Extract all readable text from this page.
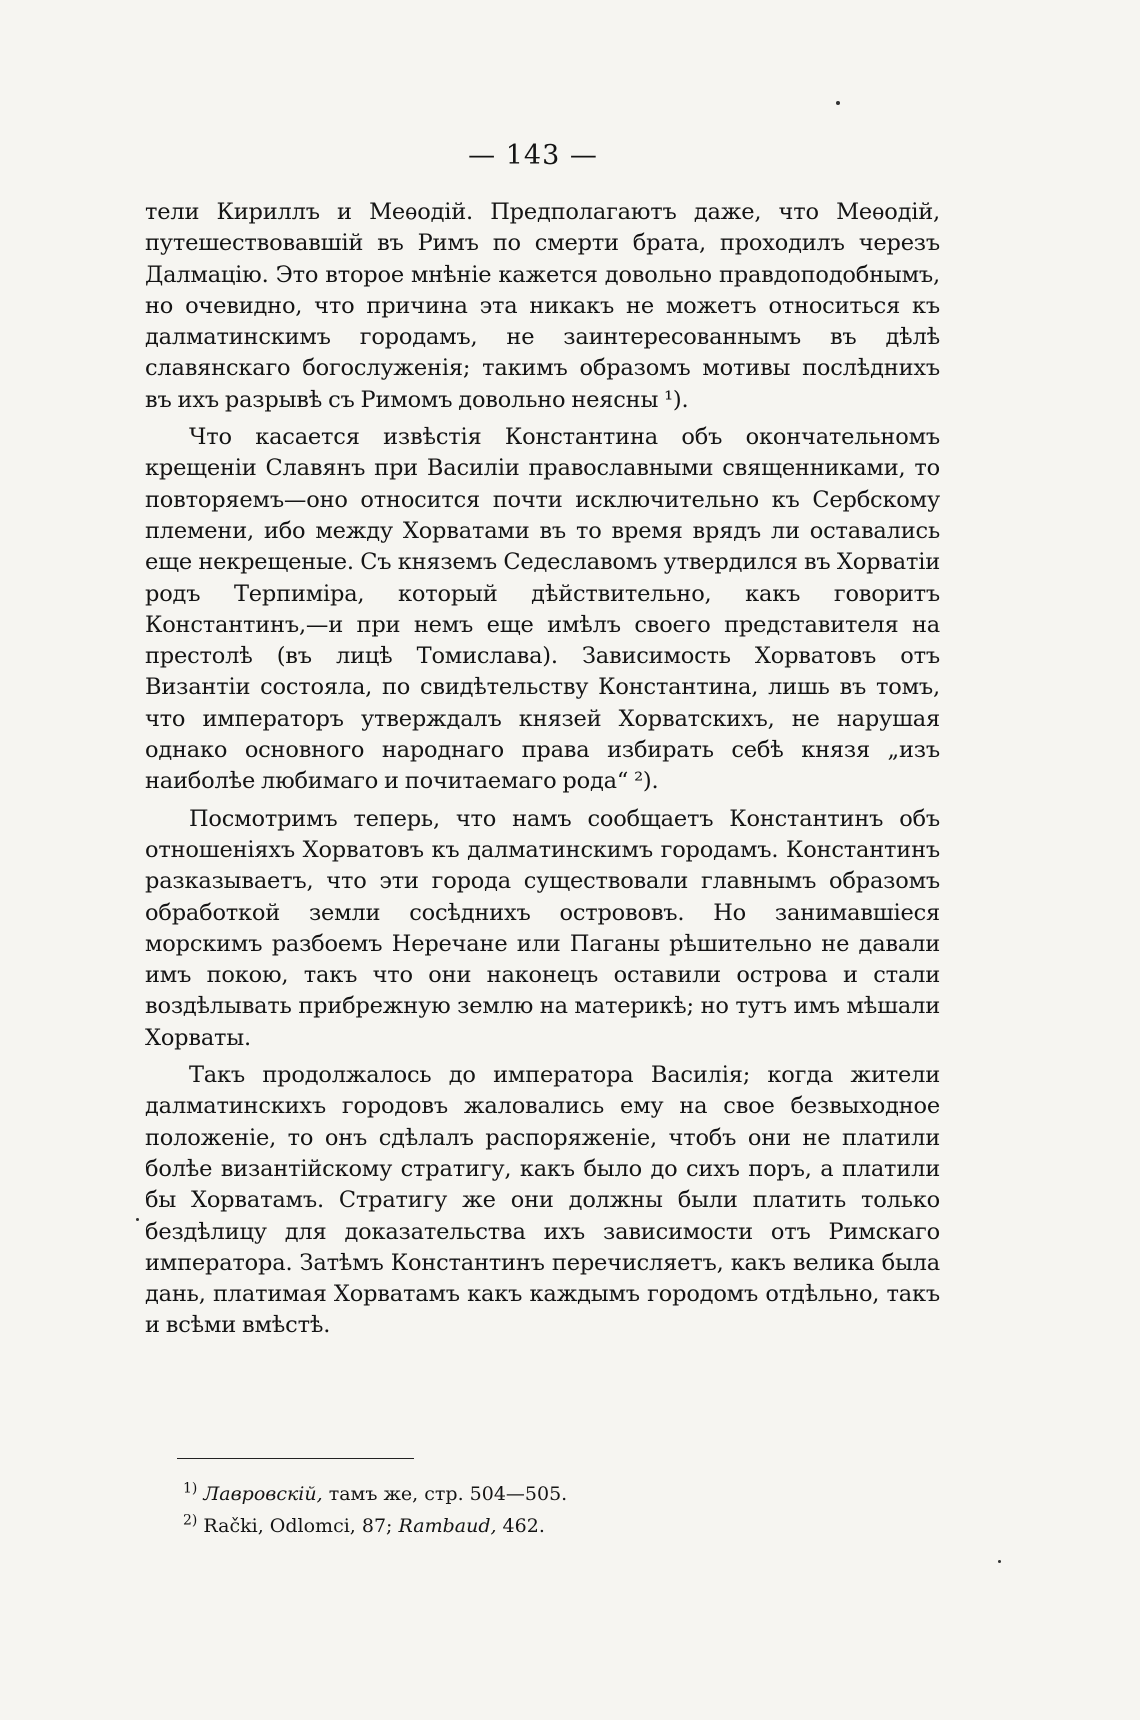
— 143 —

тели Кириллъ и Меѳодій. Предполагаютъ даже, что Меѳодій, путешествовавшій въ Римъ по смерти брата, проходилъ черезъ Далмацію. Это второе мнѣніе кажется довольно правдоподобнымъ, но очевидно, что причина эта никакъ не можетъ относиться къ далматинскимъ городамъ, не заинтересованнымъ въ дѣлѣ славянскаго богослуженія; такимъ образомъ мотивы послѣднихъ въ ихъ разрывѣ съ Римомъ довольно неясны ¹).

Что касается извѣстія Константина объ окончательномъ крещеніи Славянъ при Василіи православными священниками, то повторяемъ—оно относится почти исключительно къ Сербскому племени, ибо между Хорватами въ то время врядъ ли оставались еще некрещеные. Съ княземъ Седеславомъ утвердился въ Хорватіи родъ Терпиміра, который дѣйствительно, какъ говоритъ Константинъ,—и при немъ еще имѣлъ своего представителя на престолѣ (въ лицѣ Томислава). Зависимость Хорватовъ отъ Византіи состояла, по свидѣтельству Константина, лишь въ томъ, что императоръ утверждалъ князей Хорватскихъ, не нарушая однако основного народнаго права избирать себѣ князя „изъ наиболѣе любимаго и почитаемаго рода“ ²).

Посмотримъ теперь, что намъ сообщаетъ Константинъ объ отношеніяхъ Хорватовъ къ далматинскимъ городамъ. Константинъ разказываетъ, что эти города существовали главнымъ образомъ обработкой земли сосѣднихъ острововъ. Но занимавшіеся морскимъ разбоемъ Неречане или Паганы рѣшительно не давали имъ покою, такъ что они наконецъ оставили острова и стали воздѣлывать прибрежную землю на материкѣ; но тутъ имъ мѣшали Хорваты.

Такъ продолжалось до императора Василія; когда жители далматинскихъ городовъ жаловались ему на свое безвыходное положеніе, то онъ сдѣлалъ распоряженіе, чтобъ они не платили болѣе византійскому стратигу, какъ было до сихъ поръ, а платили бы Хорватамъ. Стратигу же они должны были платить только бездѣлицу для доказательства ихъ зависимости отъ Римскаго императора. Затѣмъ Константинъ перечисляетъ, какъ велика была дань, платимая Хорватамъ какъ каждымъ городомъ отдѣльно, такъ и всѣми вмѣстѣ.

$^{1)}$ Лавровскій, тамъ же, стр. 504—505.

$^{2)}$ Rački, Odlomci, 87; Rambaud, 462.
